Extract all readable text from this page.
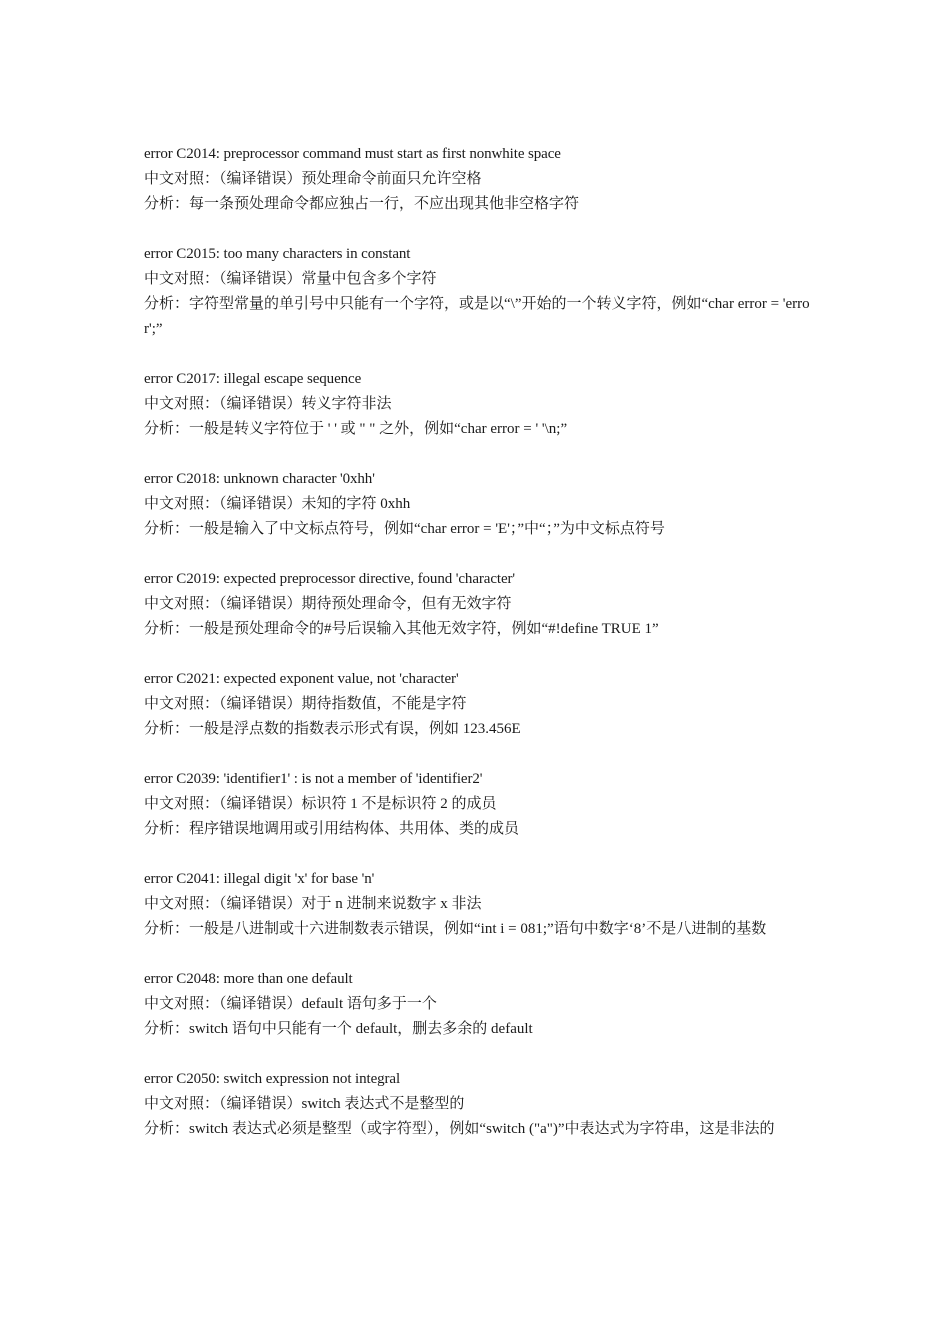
error C2014: preprocessor command must start as first nonwhite space
中文对照：（编译错误）预处理命令前面只允许空格
分析：每一条预处理命令都应独占一行，不应出现其他非空格字符
error C2015: too many characters in constant
中文对照：（编译错误）常量中包含多个字符
分析：字符型常量的单引号中只能有一个字符，或是以“\”开始的一个转义字符，例如“char error = 'error';”
error C2017: illegal escape sequence
中文对照：（编译错误）转义字符非法
分析：一般是转义字符位于 ' ' 或 " " 之外，例如“char error = ' '\n;”
error C2018: unknown character '0xhh'
中文对照：（编译错误）未知的字符 0xhh
分析：一般是输入了中文标点符号，例如“char error = 'E'；”中“；”为中文标点符号
error C2019: expected preprocessor directive, found 'character'
中文对照：（编译错误）期待预处理命令，但有无效字符
分析：一般是预处理命令的#号后误输入其他无效字符，例如“#!define TRUE 1”
error C2021: expected exponent value, not 'character'
中文对照：（编译错误）期待指数值，不能是字符
分析：一般是浮点数的指数表示形式有误，例如 123.456E
error C2039: 'identifier1' : is not a member of 'identifier2'
中文对照：（编译错误）标识符 1 不是标识符 2 的成员
分析：程序错误地调用或引用结构体、共用体、类的成员
error C2041: illegal digit 'x' for base 'n'
中文对照：（编译错误）对于 n 进制来说数字 x 非法
分析：一般是八进制或十六进制数表示错误，例如“int i = 081;”语句中数字‘8’不是八进制的基数
error C2048: more than one default
中文对照：（编译错误）default 语句多于一个
分析：switch 语句中只能有一个 default，删去多余的 default
error C2050: switch expression not integral
中文对照：（编译错误）switch 表达式不是整型的
分析：switch 表达式必须是整型（或字符型），例如“switch ("a")”中表达式为字符串，这是非法的
